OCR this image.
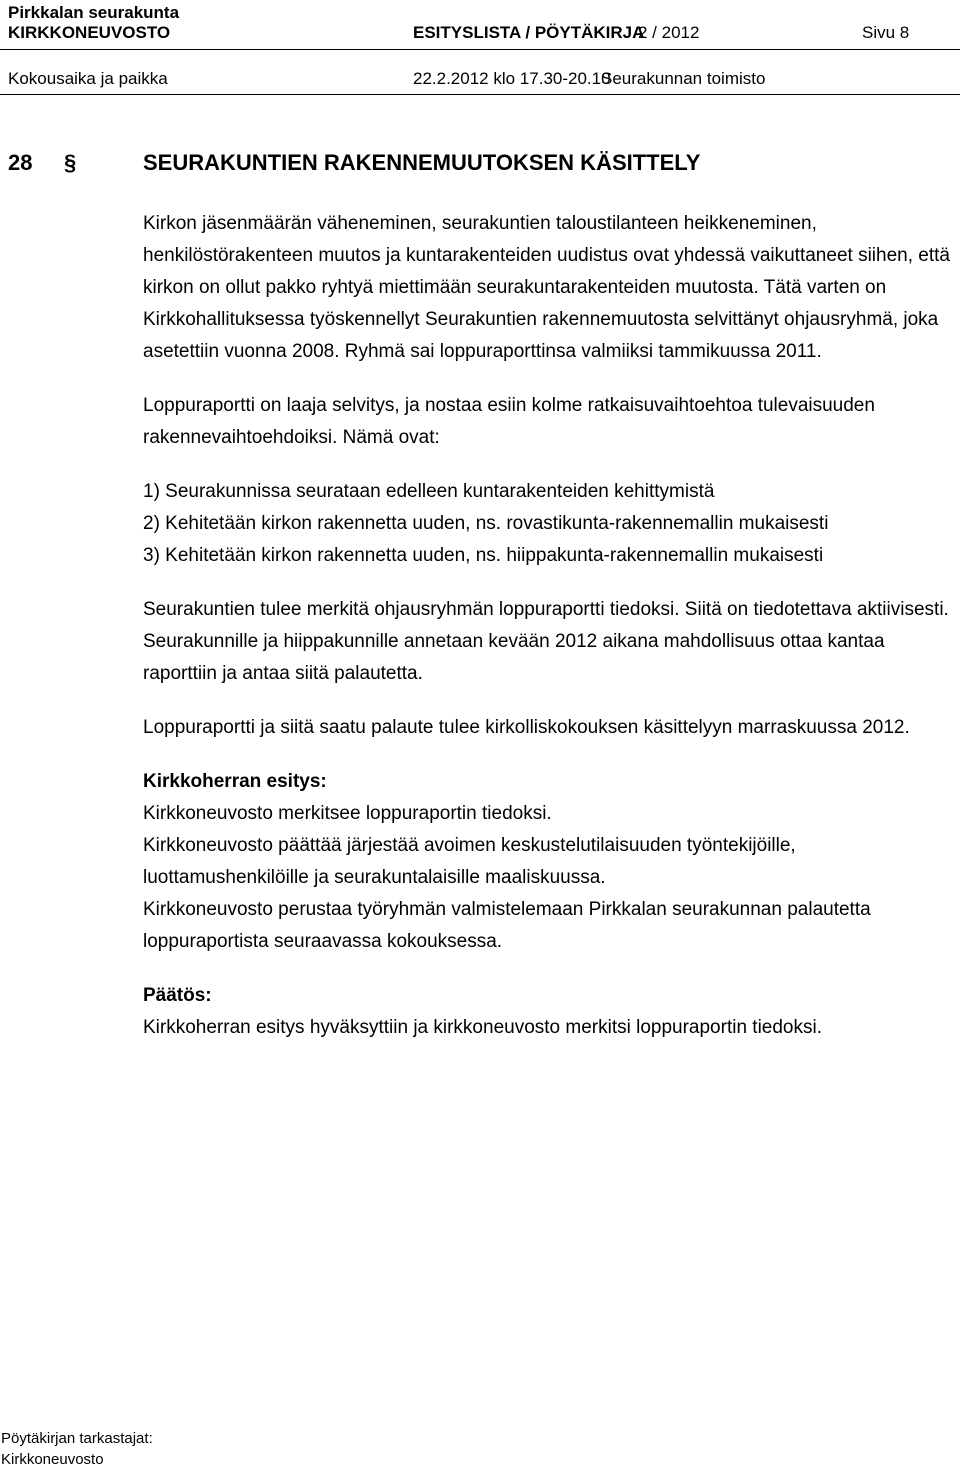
Pirkkalan seurakunta
KIRKKONEUVOSTO	ESITYSLISTA / PÖYTÄKIRJA
2 / 2012	Sivu 8
Kokousaika ja paikka	22.2.2012 klo 17.30-20.10
Seurakunnan toimisto
28 §	SEURAKUNTIEN RAKENNEMUUTOKSEN KÄSITTELY

Kirkon jäsenmäärän väheneminen, seurakuntien taloustilanteen heikkeneminen, henkilöstörakenteen muutos ja kuntarakenteiden uudistus ovat yhdessä vaikuttaneet siihen, että kirkon on ollut pakko ryhtyä miettimään seurakuntarakenteiden muutosta. Tätä varten on Kirkkohallituksessa työskennellyt Seurakuntien rakennemuutosta selvittänyt ohjausryhmä, joka asetettiin vuonna 2008. Ryhmä sai loppuraporttinsa valmiiksi tammikuussa 2011.

Loppuraportti on laaja selvitys, ja nostaa esiin kolme ratkaisuvaihtoehtoa tulevaisuuden rakennevaihtoehdoiksi. Nämä ovat:

1) Seurakunnissa seurataan edelleen kuntarakenteiden kehittymistä

2) Kehitetään kirkon rakennetta uuden, ns. rovastikunta-rakennemallin mukaisesti

3) Kehitetään kirkon rakennetta uuden, ns. hiippakunta-rakennemallin mukaisesti

Seurakuntien tulee merkitä ohjausryhmän loppuraportti tiedoksi. Siitä on tiedotettava aktiivisesti. Seurakunnille ja hiippakunnille annetaan kevään 2012 aikana mahdollisuus ottaa kantaa raporttiin ja antaa siitä palautetta.

Loppuraportti ja siitä saatu palaute tulee kirkolliskokouksen käsittelyyn marraskuussa 2012.

Kirkkoherran esitys:

Kirkkoneuvosto merkitsee loppuraportin tiedoksi.

Kirkkoneuvosto päättää järjestää avoimen keskustelutilaisuuden työntekijöille, luottamushenkilöille ja seurakuntalaisille maaliskuussa.

Kirkkoneuvosto perustaa työryhmän valmistelemaan Pirkkalan seurakunnan palautetta loppuraportista seuraavassa kokouksessa.

Päätös:

Kirkkoherran esitys hyväksyttiin ja kirkkoneuvosto merkitsi loppuraportin tiedoksi.

Pöytäkirjan tarkastajat:
Kirkkoneuvosto
